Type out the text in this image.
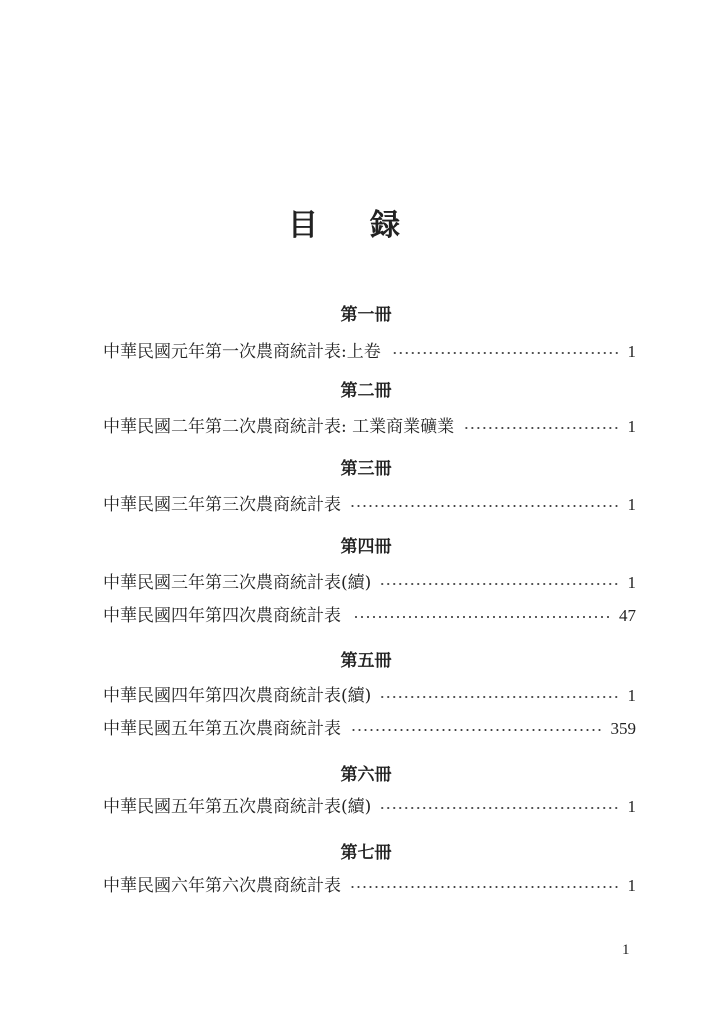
目録
第一冊
中華民國元年第一次農商統計表:上卷	1
第二冊
中華民國二年第二次農商統計表: 工業商業礦業	1
第三冊
中華民國三年第三次農商統計表	1
第四冊
中華民國三年第三次農商統計表(續)	1
中華民國四年第四次農商統計表	47
第五冊
中華民國四年第四次農商統計表(續)	1
中華民國五年第五次農商統計表	359
第六冊
中華民國五年第五次農商統計表(續)	1
第七冊
中華民國六年第六次農商統計表	1
1
